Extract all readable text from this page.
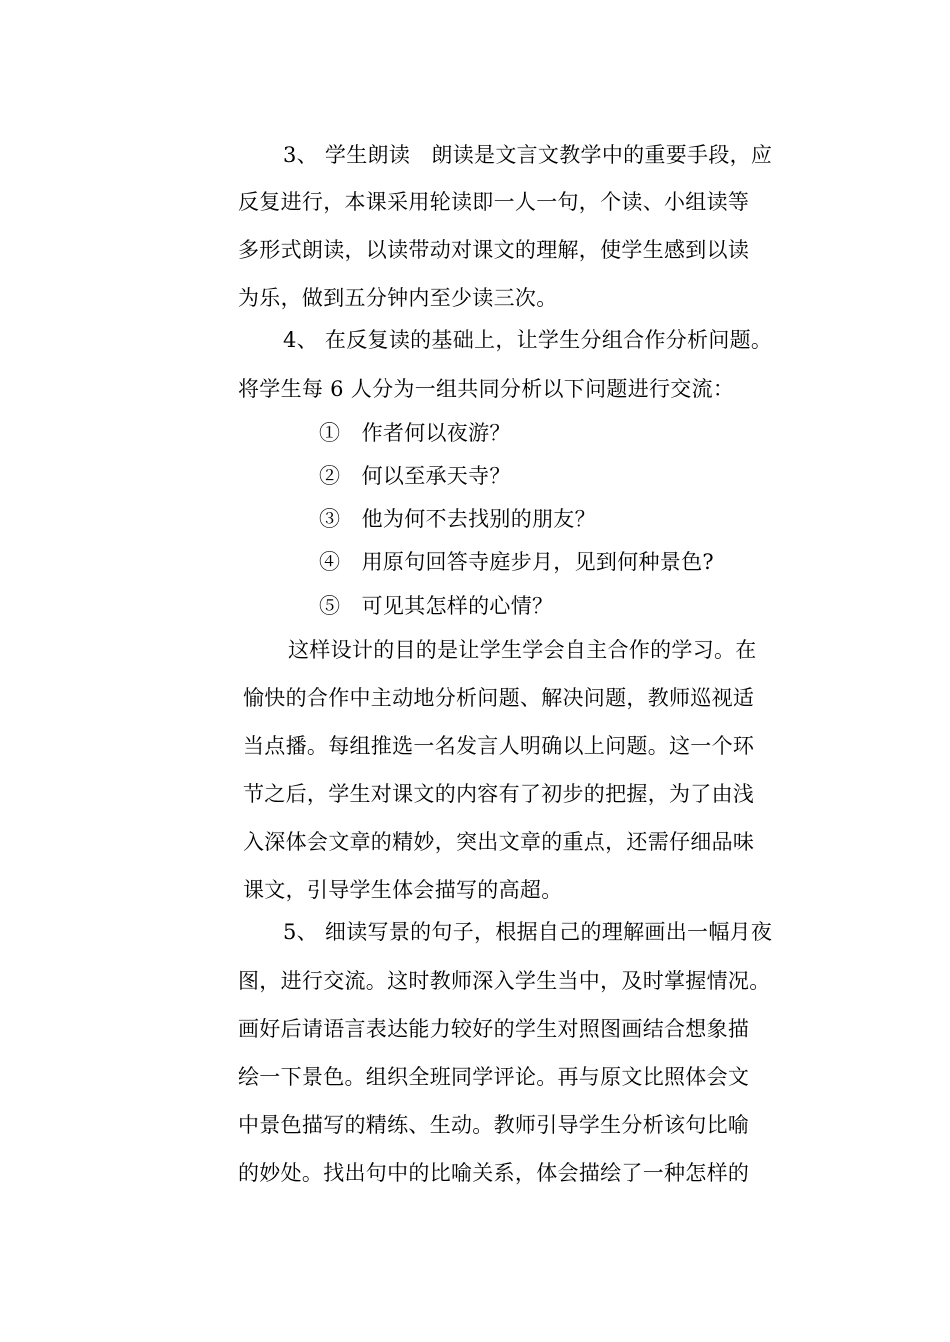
3、 学生朗读　朗读是文言文教学中的重要手段，应
反复进行，本课采用轮读即一人一句，个读、小组读等
多形式朗读，以读带动对课文的理解，使学生感到以读
为乐，做到五分钟内至少读三次。
4、 在反复读的基础上，让学生分组合作分析问题。
将学生每 6 人分为一组共同分析以下问题进行交流：
①　作者何以夜游？
②　何以至承天寺？
③　他为何不去找别的朋友？
④　用原句回答寺庭步月，见到何种景色?
⑤　可见其怎样的心情？
这样设计的目的是让学生学会自主合作的学习。在
愉快的合作中主动地分析问题、解决问题，教师巡视适
当点播。每组推选一名发言人明确以上问题。这一个环
节之后，学生对课文的内容有了初步的把握，为了由浅
入深体会文章的精妙，突出文章的重点，还需仔细品味
课文，引导学生体会描写的高超。
5、 细读写景的句子，根据自己的理解画出一幅月夜
图，进行交流。这时教师深入学生当中，及时掌握情况。
画好后请语言表达能力较好的学生对照图画结合想象描
绘一下景色。组织全班同学评论。再与原文比照体会文
中景色描写的精练、生动。教师引导学生分析该句比喻
的妙处。找出句中的比喻关系，体会描绘了一种怎样的
